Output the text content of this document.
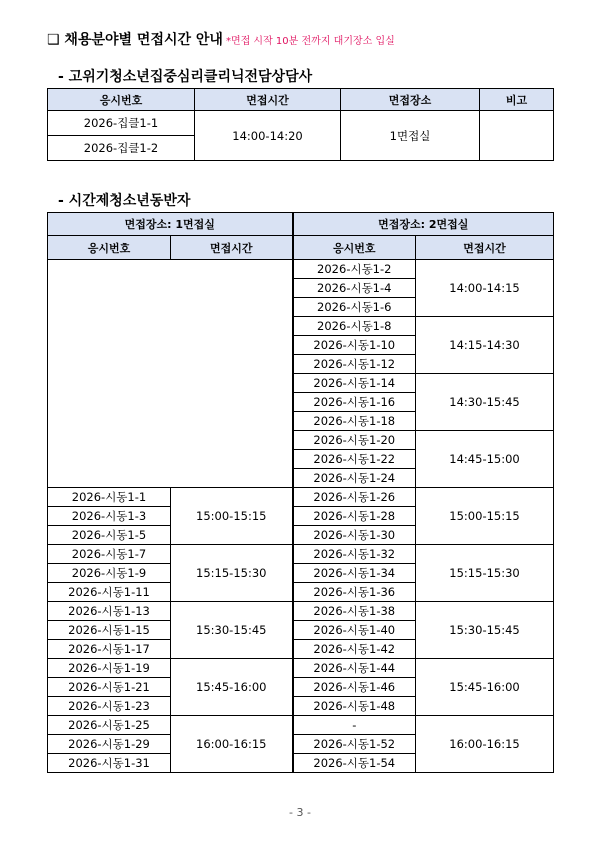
❑ 채용분야별 면접시간 안내 *면접 시작 10분 전까지 대기장소 입실
- 고위기청소년집중심리클리닉전담상담사
응시번호	면접시간	면접장소	비고
2026-집클1-1	14:00-14:20	1면접실	
2026-집클1-2			
- 시간제청소년동반자
면접장소: 1면접실		면접장소: 2면접실	
응시번호	면접시간	응시번호	면접시간
		2026-시동1-2	14:00-14:15
		2026-시동1-4	
		2026-시동1-6	
		2026-시동1-8	14:15-14:30
		2026-시동1-10	
		2026-시동1-12	
		2026-시동1-14	14:30-15:45
		2026-시동1-16	
		2026-시동1-18	
		2026-시동1-20	14:45-15:00
		2026-시동1-22	
		2026-시동1-24	
2026-시동1-1	15:00-15:15	2026-시동1-26	15:00-15:15
2026-시동1-3		2026-시동1-28	
2026-시동1-5		2026-시동1-30	
2026-시동1-7	15:15-15:30	2026-시동1-32	15:15-15:30
2026-시동1-9		2026-시동1-34	
2026-시동1-11		2026-시동1-36	
2026-시동1-13	15:30-15:45	2026-시동1-38	15:30-15:45
2026-시동1-15		2026-시동1-40	
2026-시동1-17		2026-시동1-42	
2026-시동1-19	15:45-16:00	2026-시동1-44	15:45-16:00
2026-시동1-21		2026-시동1-46	
2026-시동1-23		2026-시동1-48	
2026-시동1-25	16:00-16:15	-	16:00-16:15
2026-시동1-29		2026-시동1-52	
2026-시동1-31		2026-시동1-54	
- 3 -
